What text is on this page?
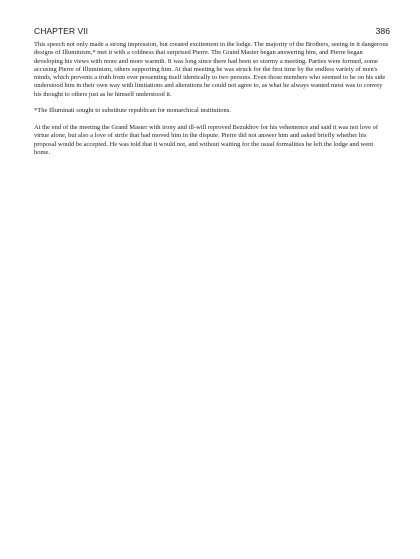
CHAPTER VII	386

This speech not only made a strong impression, but created excitement in the lodge. The majority of the Brothers, seeing in it dangerous designs of Illuminism,* met it with a coldness that surprised Pierre. The Grand Master began answering him, and Pierre began developing his views with more and more warmth. It was long since there had been so stormy a meeting. Parties were formed, some accusing Pierre of Illuminism, others supporting him. At that meeting he was struck for the first time by the endless variety of men's minds, which prevents a truth from ever presenting itself identically to two persons. Even those members who seemed to be on his side understood him in their own way with limitations and alterations he could not agree to, as what he always wanted most was to convey his thought to others just as he himself understood it.

*The Illuminati sought to substitute republican for monarchical institutions.

At the end of the meeting the Grand Master with irony and ill-will reproved Bezukhov for his vehemence and said it was not love of virtue alone, but also a love of strife that had moved him in the dispute. Pierre did not answer him and asked briefly whether his proposal would be accepted. He was told that it would not, and without waiting for the usual formalities he left the lodge and went home.
